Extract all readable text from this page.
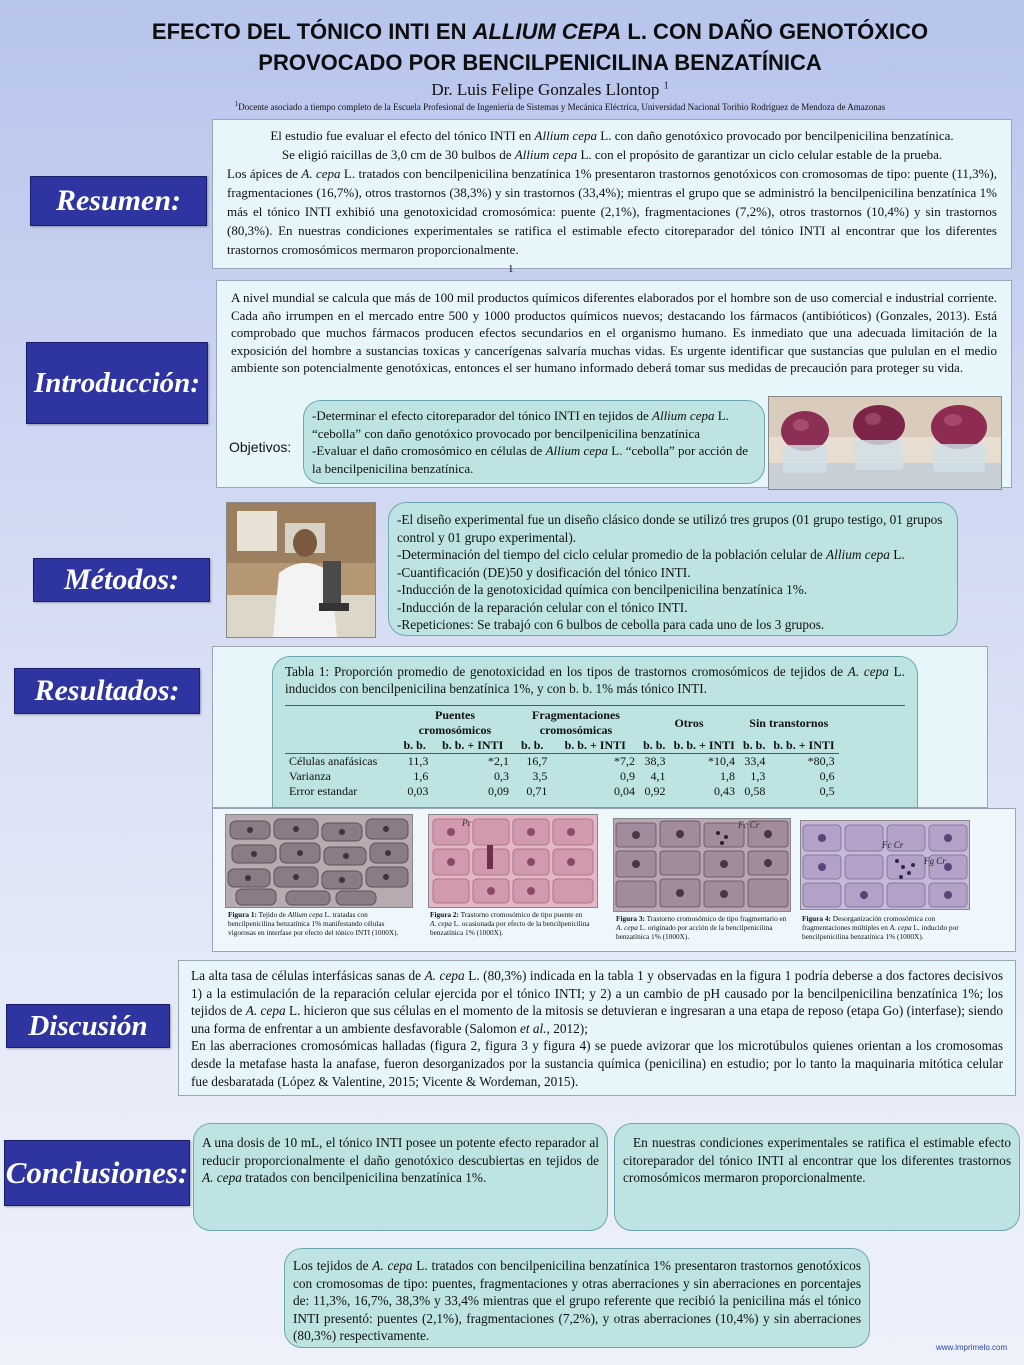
EFECTO DEL TÓNICO INTI EN ALLIUM CEPA L. CON DAÑO GENOTÓXICO
PROVOCADO POR BENCILPENICILINA BENZATÍNICA
Dr. Luis Felipe Gonzales Llontop $^1$
$^1$Docente asociado a tiempo completo de la Escuela Profesional de Ingeniería de Sistemas y Mecánica Eléctrica, Universidad Nacional Toribio Rodríguez de Mendoza de Amazonas
Resumen:
El estudio fue evaluar el efecto del tónico INTI en Allium cepa L. con daño genotóxico provocado por bencilpenicilina benzatínica.
Se eligió raicillas de 3,0 cm de 30 bulbos de Allium cepa L. con el propósito de garantizar un ciclo celular estable de la prueba.
Los ápices de A. cepa L. tratados con bencilpenicilina benzatínica 1% presentaron trastornos genotóxicos con cromosomas de tipo: puente (11,3%), fragmentaciones (16,7%), otros trastornos (38,3%) y sin trastornos (33,4%); mientras el grupo que se administró la bencilpenicilina benzatínica 1% más el tónico INTI exhibió una genotoxicidad cromosómica: puente (2,1%), fragmentaciones (7,2%), otros trastornos (10,4%) y sin trastornos (80,3%). En nuestras condiciones experimentales se ratifica el estimable efecto citoreparador del tónico INTI al encontrar que los diferentes trastornos cromosómicos mermaron proporcionalmente.
1
Introducción:
A nivel mundial se calcula que más de 100 mil productos químicos diferentes elaborados por el hombre son de uso comercial e industrial corriente. Cada año irrumpen en el mercado entre 500 y 1000 productos químicos nuevos; destacando los fármacos (antibióticos) (Gonzales, 2013). Está comprobado que muchos fármacos producen efectos secundarios en el organismo humano. Es inmediato que una adecuada limitación de la exposición del hombre a sustancias toxicas y cancerígenas salvaría muchas vidas. Es urgente identificar que sustancias que pululan en el medio ambiente son potencialmente genotóxicas, entonces el ser humano informado deberá tomar sus medidas de precaución para proteger su vida.
Objetivos:
-Determinar el efecto citoreparador del tónico INTI en tejidos de Allium cepa L. “cebolla” con daño genotóxico provocado por bencilpenicilina benzatínica
-Evaluar el daño cromosómico en células de Allium cepa L. “cebolla” por acción de la bencilpenicilina benzatínica.
Métodos:
-El diseño experimental fue un diseño clásico donde se utilizó tres grupos (01 grupo testigo, 01 grupos control y 01 grupo experimental).
-Determinación del tiempo del ciclo celular promedio de la población celular de Allium cepa L.
-Cuantificación (DE)50 y dosificación del tónico INTI.
-Inducción de la genotoxicidad química con bencilpenicilina benzatínica 1%.
-Inducción de la reparación celular con el tónico INTI.
-Repeticiones: Se trabajó con 6 bulbos de cebolla para cada uno de los 3 grupos.
Resultados:
Tabla 1: Proporción promedio de genotoxicidad en los tipos de trastornos cromosómicos de tejidos de A. cepa L. inducidos con bencilpenicilina benzatínica 1%, y con b. b. 1% más tónico INTI.
	Puentes cromosómicos		Fragmentaciones cromosómicas		Otros		Sin transtornos	
	b. b.	b. b. + INTI	b. b.	b. b. + INTI	b. b.	b. b. + INTI	b. b.	b. b. + INTI
Células anafásicas	11,3	*2,1	16,7	*7,2	38,3	*10,4	33,4	*80,3
Varianza	1,6	0,3	3,5	0,9	4,1	1,8	1,3	0,6
Error estandar	0,03	0,09	0,71	0,04	0,92	0,43	0,58	0,5
Figura 1: Tejido de Allium cepa L. tratadas con bencilpenicilina benzatínica 1% manifestando células vigorosas en interfase por efecto del tónico INTI (1000X).
Pc
Figura 2: Trastorno cromosómico de tipo puente en A. cepa L. ocasionada por efecto de la bencilpenicilina benzatínica 1% (1000X).
Fc Cr
Figura 3: Trastorno cromosómico de tipo fragmentario en A. cepa L. originado por acción de la bencilpenicilina benzatínica 1% (1000X).
Fc Cr
Fg Cr
Figura 4: Desorganización cromosómica con fragmentaciones múltiples en A. cepa L. inducido por bencilpenicilina benzatínica 1% (1000X).
Discusión
La alta tasa de células interfásicas sanas de A. cepa L. (80,3%) indicada en la tabla 1 y observadas en la figura 1 podría deberse a dos factores decisivos 1) a la estimulación de la reparación celular ejercida por el tónico INTI; y 2) a un cambio de pH causado por la bencilpenicilina benzatínica 1%; los tejidos de A. cepa L. hicieron que sus células en el momento de la mitosis se detuvieran e ingresaran a una etapa de reposo (etapa Go) (interfase); siendo una forma de enfrentar a un ambiente desfavorable (Salomon et al., 2012);
En las aberraciones cromosómicas halladas (figura 2, figura 3 y figura 4) se puede avizorar que los microtúbulos quienes orientan a los cromosomas desde la metafase hasta la anafase, fueron desorganizados por la sustancia química (penicilina) en estudio; por lo tanto la maquinaria mitótica celular fue desbaratada (López & Valentine, 2015; Vicente & Wordeman, 2015).
Conclusiones:
A una dosis de 10 mL, el tónico INTI posee un potente efecto reparador al reducir proporcionalmente el daño genotóxico descubiertas en tejidos de A. cepa tratados con bencilpenicilina benzatínica 1%.
En nuestras condiciones experimentales se ratifica el estimable efecto citoreparador del tónico INTI al encontrar que los diferentes trastornos cromosómicos mermaron proporcionalmente.
Los tejidos de A. cepa L. tratados con bencilpenicilina benzatínica 1% presentaron trastornos genotóxicos con cromosomas de tipo: puentes, fragmentaciones y otras aberraciones y sin aberraciones en porcentajes de: 11,3%, 16,7%, 38,3% y 33,4% mientras que el grupo referente que recibió la penicilina más el tónico INTI presentó: puentes (2,1%), fragmentaciones (7,2%), y otras aberraciones (10,4%) y sin aberraciones (80,3%) respectivamente.
www.imprimelo.com
